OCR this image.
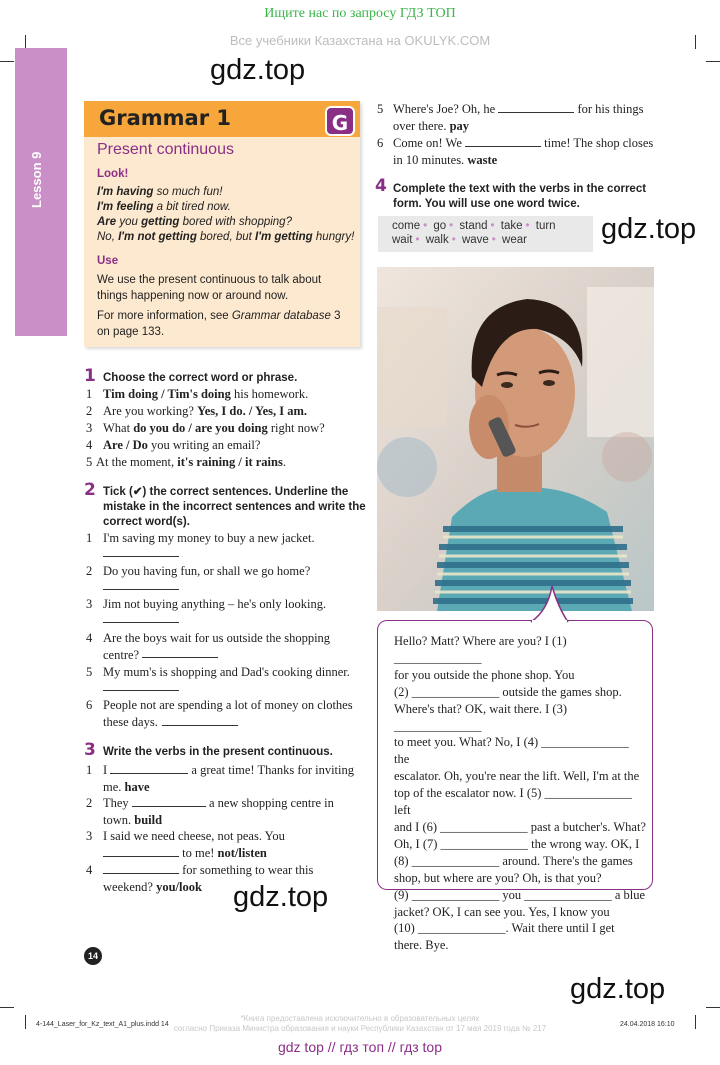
Ищите нас по запросу ГДЗ ТОП
Все учебники Казахстана на OKULYK.COM
Lesson 9
gdz.top
gdz.top
gdz.top
gdz.top
Grammar 1	G
Present continuous
Look!
I'm having so much fun!
I'm feeling a bit tired now.
Are you getting bored with shopping?
No, I'm not getting bored, but I'm getting hungry!
Use
We use the present continuous to talk about things happening now or around now.
For more information, see Grammar database 3 on page 133.
1 Choose the correct word or phrase.
1 Tim doing / Tim's doing his homework.
2 Are you working? Yes, I do. / Yes, I am.
3 What do you do / are you doing right now?
4 Are / Do you writing an email?
5 At the moment, it's raining / it rains.
2 Tick (✔) the correct sentences. Underline the
mistake in the incorrect sentences and write the
correct word(s).
1 I'm saving my money to buy a new jacket.
2 Do you having fun, or shall we go home?
3 Jim not buying anything – he's only looking.
4 Are the boys wait for us outside the shopping
centre?
5 My mum's is shopping and Dad's cooking dinner.
6 People not are spending a lot of money on clothes
these days.
3 Write the verbs in the present continuous.
1 I	a great time! Thanks for inviting
me. have
2 They	a new shopping centre in
town. build
3 I said we need cheese, not peas. You
to me! not/listen
4	for something to wear this
weekend? you/look
5 Where's Joe? Oh, he	for his things
over there. pay
6 Come on! We	time! The shop closes
in 10 minutes. waste
4 Complete the text with the verbs in the correct
form. You will use one word twice.
come • go • stand • take • turn
wait • walk • wave • wear
Hello? Matt? Where are you? I (1) ______________
for you outside the phone shop. You
(2) ______________ outside the games shop.
Where's that? OK, wait there. I (3) ______________
to meet you. What? No, I (4) ______________ the
escalator. Oh, you're near the lift. Well, I'm at the
top of the escalator now. I (5) ______________ left
and I (6) ______________ past a butcher's. What?
Oh, I (7) ______________ the wrong way. OK, I
(8) ______________ around. There's the games
shop, but where are you? Oh, is that you?
(9) ______________ you ______________ a blue
jacket? OK, I can see you. Yes, I know you
(10) ______________. Wait there until I get
there. Bye.
14
*Книга предоставлена исключительно в образовательных целях
согласно Приказа Министра образования и науки Республики Казахстан от 17 мая 2019 года № 217
4-144_Laser_for_Kz_text_A1_plus.indd 14	24.04.2018 16:10
gdz top // гдз топ // гдз top
